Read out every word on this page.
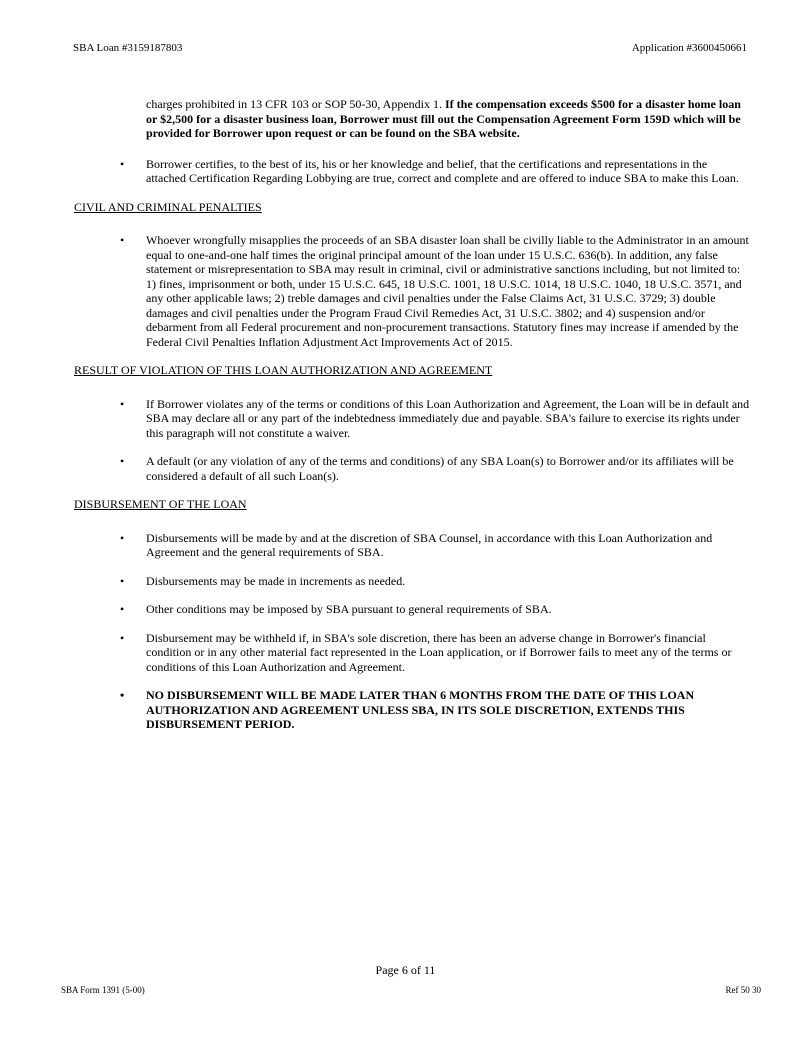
SBA Loan #3159187803	Application #3600450661
charges prohibited in 13 CFR 103 or SOP 50-30, Appendix 1. If the compensation exceeds $500 for a disaster home loan or $2,500 for a disaster business loan, Borrower must fill out the Compensation Agreement Form 159D which will be provided for Borrower upon request or can be found on the SBA website.
• Borrower certifies, to the best of its, his or her knowledge and belief, that the certifications and representations in the attached Certification Regarding Lobbying are true, correct and complete and are offered to induce SBA to make this Loan.
CIVIL AND CRIMINAL PENALTIES
• Whoever wrongfully misapplies the proceeds of an SBA disaster loan shall be civilly liable to the Administrator in an amount equal to one-and-one half times the original principal amount of the loan under 15 U.S.C. 636(b). In addition, any false statement or misrepresentation to SBA may result in criminal, civil or administrative sanctions including, but not limited to: 1) fines, imprisonment or both, under 15 U.S.C. 645, 18 U.S.C. 1001, 18 U.S.C. 1014, 18 U.S.C. 1040, 18 U.S.C. 3571, and any other applicable laws; 2) treble damages and civil penalties under the False Claims Act, 31 U.S.C. 3729; 3) double damages and civil penalties under the Program Fraud Civil Remedies Act, 31 U.S.C. 3802; and 4) suspension and/or debarment from all Federal procurement and non-procurement transactions. Statutory fines may increase if amended by the Federal Civil Penalties Inflation Adjustment Act Improvements Act of 2015.
RESULT OF VIOLATION OF THIS LOAN AUTHORIZATION AND AGREEMENT
• If Borrower violates any of the terms or conditions of this Loan Authorization and Agreement, the Loan will be in default and SBA may declare all or any part of the indebtedness immediately due and payable. SBA's failure to exercise its rights under this paragraph will not constitute a waiver.
• A default (or any violation of any of the terms and conditions) of any SBA Loan(s) to Borrower and/or its affiliates will be considered a default of all such Loan(s).
DISBURSEMENT OF THE LOAN
• Disbursements will be made by and at the discretion of SBA Counsel, in accordance with this Loan Authorization and Agreement and the general requirements of SBA.
• Disbursements may be made in increments as needed.
• Other conditions may be imposed by SBA pursuant to general requirements of SBA.
• Disbursement may be withheld if, in SBA's sole discretion, there has been an adverse change in Borrower's financial condition or in any other material fact represented in the Loan application, or if Borrower fails to meet any of the terms or conditions of this Loan Authorization and Agreement.
• NO DISBURSEMENT WILL BE MADE LATER THAN 6 MONTHS FROM THE DATE OF THIS LOAN AUTHORIZATION AND AGREEMENT UNLESS SBA, IN ITS SOLE DISCRETION, EXTENDS THIS DISBURSEMENT PERIOD.
Page 6 of 11
SBA Form 1391 (5-00)	Ref 50 30
